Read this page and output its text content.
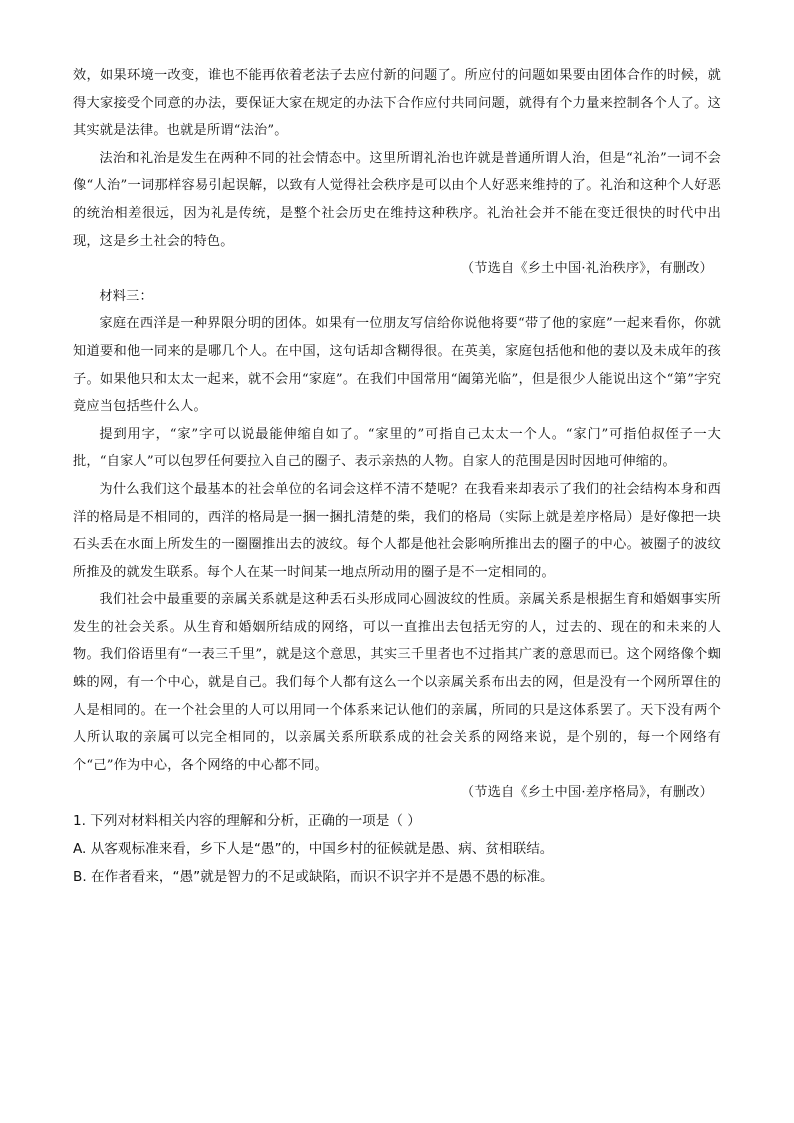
效，如果环境一改变，谁也不能再依着老法子去应付新的问题了。所应付的问题如果要由团体合作的时候，就得大家接受个同意的办法，要保证大家在规定的办法下合作应付共同问题，就得有个力量来控制各个人了。这其实就是法律。也就是所谓“法治”。

法治和礼治是发生在两种不同的社会情态中。这里所谓礼治也许就是普通所谓人治，但是“礼治”一词不会像“人治”一词那样容易引起误解，以致有人觉得社会秩序是可以由个人好恶来维持的了。礼治和这种个人好恶的统治相差很远，因为礼是传统，是整个社会历史在维持这种秩序。礼治社会并不能在变迁很快的时代中出现，这是乡土社会的特色。

（节选自《乡土中国·礼治秩序》，有删改）

材料三：

家庭在西洋是一种界限分明的团体。如果有一位朋友写信给你说他将要“带了他的家庭”一起来看你，你就知道要和他一同来的是哪几个人。在中国，这句话却含糊得很。在英美，家庭包括他和他的妻以及未成年的孩子。如果他只和太太一起来，就不会用“家庭”。在我们中国常用“阖第光临”，但是很少人能说出这个“第”字究竟应当包括些什么人。

提到用字，“家”字可以说最能伸缩自如了。“家里的”可指自己太太一个人。“家门”可指伯叔侄子一大批，“自家人”可以包罗任何要拉入自己的圈子、表示亲热的人物。自家人的范围是因时因地可伸缩的。

为什么我们这个最基本的社会单位的名词会这样不清不楚呢？在我看来却表示了我们的社会结构本身和西洋的格局是不相同的，西洋的格局是一捆一捆扎清楚的柴，我们的格局（实际上就是差序格局）是好像把一块石头丢在水面上所发生的一圈圈推出去的波纹。每个人都是他社会影响所推出去的圈子的中心。被圈子的波纹所推及的就发生联系。每个人在某一时间某一地点所动用的圈子是不一定相同的。

我们社会中最重要的亲属关系就是这种丢石头形成同心圆波纹的性质。亲属关系是根据生育和婚姻事实所发生的社会关系。从生育和婚姻所结成的网络，可以一直推出去包括无穷的人，过去的、现在的和未来的人物。我们俗语里有“一表三千里”，就是这个意思，其实三千里者也不过指其广袤的意思而已。这个网络像个蜘蛛的网，有一个中心，就是自己。我们每个人都有这么一个以亲属关系布出去的网，但是没有一个网所罩住的人是相同的。在一个社会里的人可以用同一个体系来记认他们的亲属，所同的只是这体系罢了。天下没有两个人所认取的亲属可以完全相同的，以亲属关系所联系成的社会关系的网络来说，是个别的，每一个网络有个“己”作为中心，各个网络的中心都不同。

（节选自《乡土中国·差序格局》，有删改）

1. 下列对材料相关内容的理解和分析，正确的一项是（ ）

A. 从客观标准来看，乡下人是“愚”的，中国乡村的征候就是愚、病、贫相联结。

B. 在作者看来，“愚”就是智力的不足或缺陷，而识不识字并不是愚不愚的标准。
